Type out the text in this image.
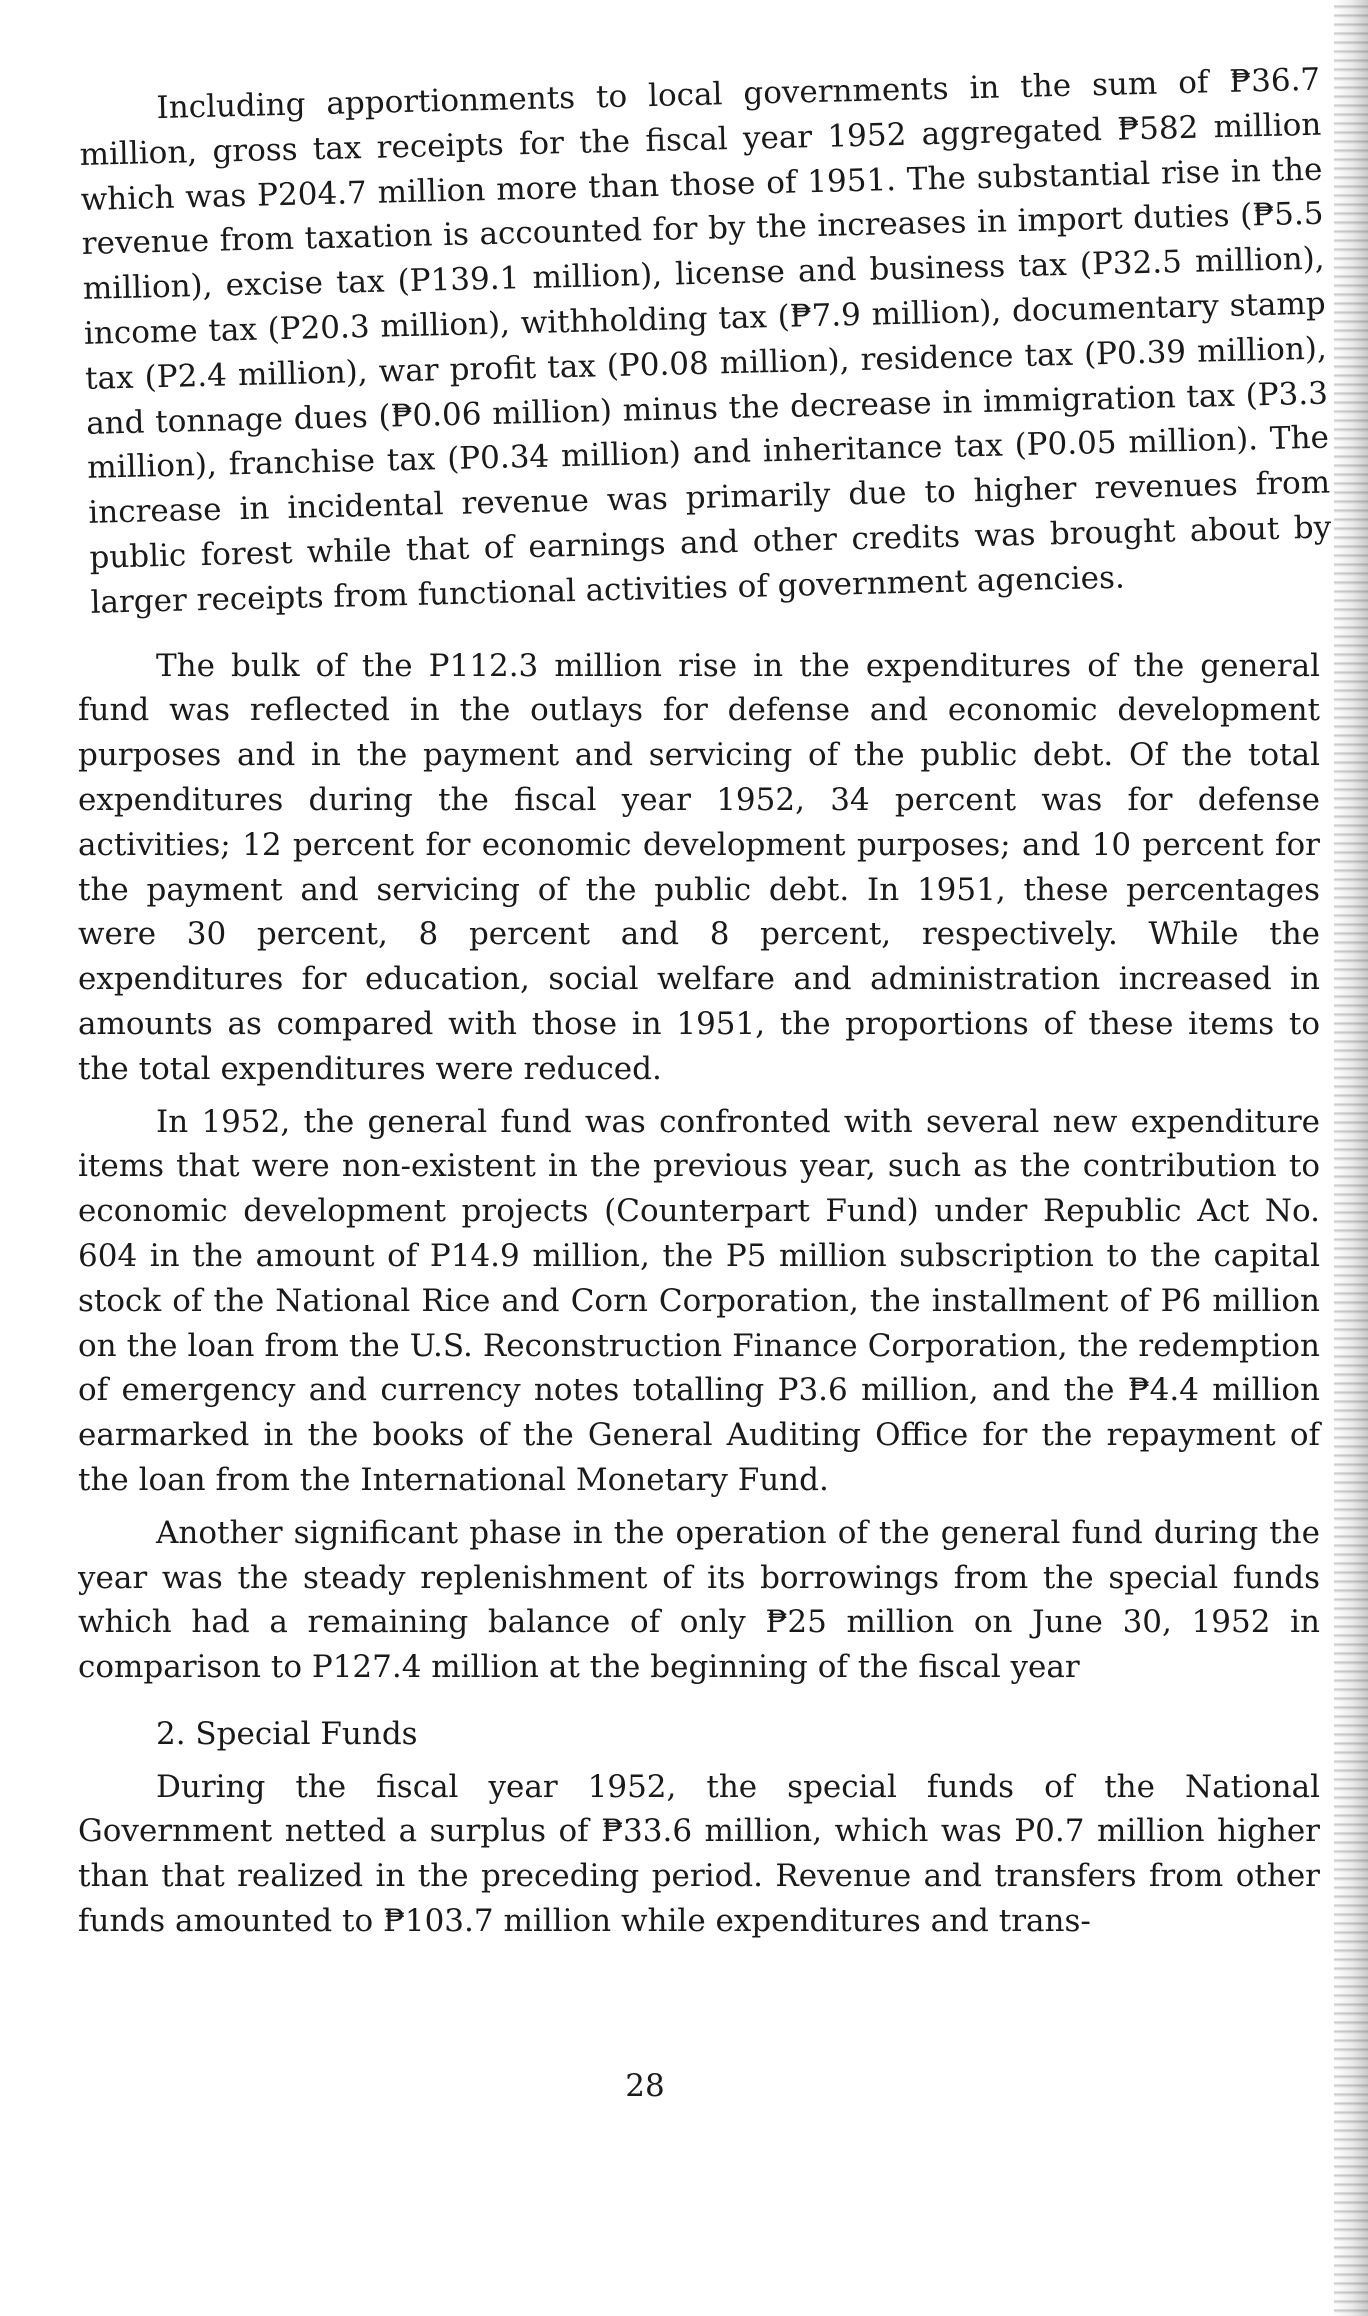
Including apportionments to local governments in the sum of ₱36.7 million, gross tax receipts for the fiscal year 1952 aggregated ₱582 million which was P204.7 million more than those of 1951. The substantial rise in the revenue from taxation is accounted for by the increases in import duties (₱5.5 million), excise tax (P139.1 million), license and business tax (P32.5 million), income tax (P20.3 million), withholding tax (₱7.9 million), documentary stamp tax (P2.4 million), war profit tax (P0.08 million), residence tax (P0.39 million), and tonnage dues (₱0.06 million) minus the decrease in immigration tax (P3.3 million), franchise tax (P0.34 million) and inheritance tax (P0.05 million). The increase in incidental revenue was primarily due to higher revenues from public forest while that of earnings and other credits was brought about by larger receipts from functional activities of government agencies.

The bulk of the P112.3 million rise in the expenditures of the general fund was reflected in the outlays for defense and economic development purposes and in the payment and servicing of the public debt. Of the total expenditures during the fiscal year 1952, 34 percent was for defense activities; 12 percent for economic development purposes; and 10 percent for the payment and servicing of the public debt. In 1951, these percentages were 30 percent, 8 percent and 8 percent, respectively. While the expenditures for education, social welfare and administration increased in amounts as compared with those in 1951, the proportions of these items to the total expenditures were reduced.

In 1952, the general fund was confronted with several new expenditure items that were non-existent in the previous year, such as the contribution to economic development projects (Counterpart Fund) under Republic Act No. 604 in the amount of P14.9 million, the P5 million subscription to the capital stock of the National Rice and Corn Corporation, the installment of P6 million on the loan from the U.S. Reconstruction Finance Corporation, the redemption of emergency and currency notes totalling P3.6 million, and the ₱4.4 million earmarked in the books of the General Auditing Office for the repayment of the loan from the International Monetary Fund.

Another significant phase in the operation of the general fund during the year was the steady replenishment of its borrowings from the special funds which had a remaining balance of only ₱25 million on June 30, 1952 in comparison to P127.4 million at the beginning of the fiscal year

2. Special Funds

During the fiscal year 1952, the special funds of the National Government netted a surplus of ₱33.6 million, which was P0.7 million higher than that realized in the preceding period. Revenue and transfers from other funds amounted to ₱103.7 million while expenditures and trans-

28
